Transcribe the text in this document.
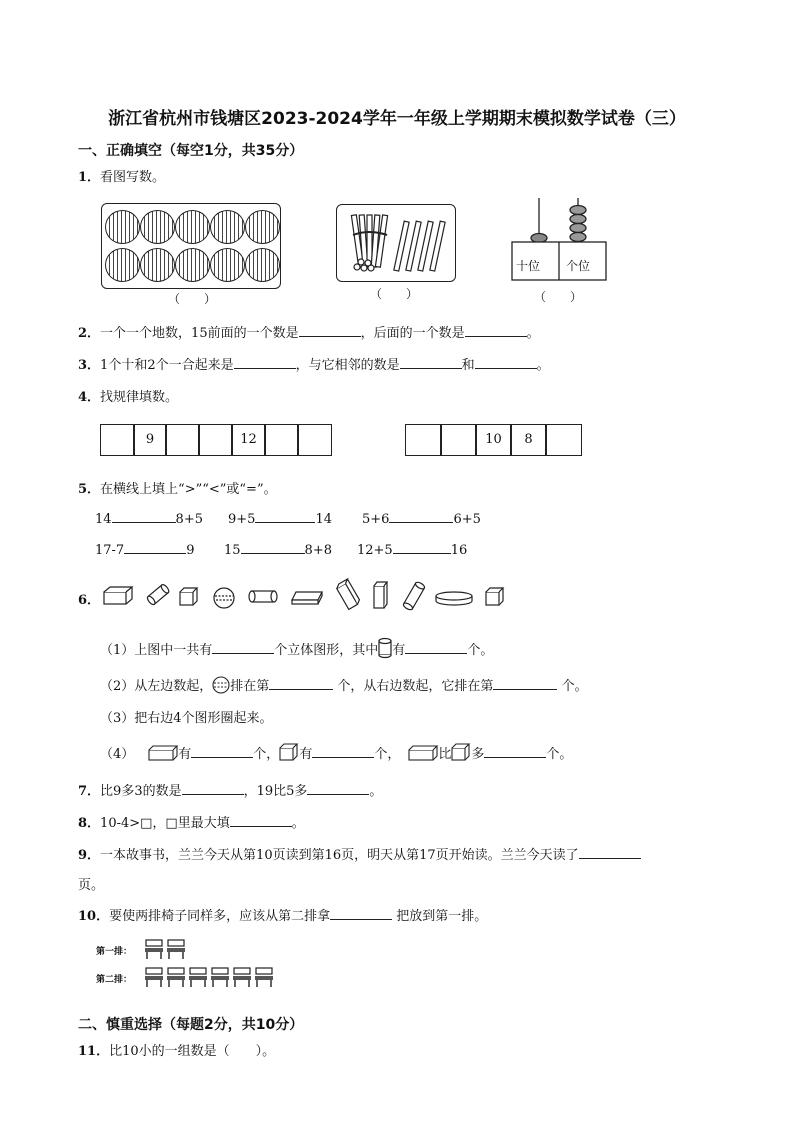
浙江省杭州市钱塘区2023-2024学年一年级上学期期末模拟数学试卷（三）
一、正确填空（每空1分，共35分）
1．看图写数。
（　　）	（　　）
十位 个位
（　　）
2．一个一个地数，15前面的一个数是	，后面的一个数是	。
3．1个十和2个一合起来是	，与它相邻的数是	和	。
4．找规律填数。
9	12	10	8
5．在横线上填上“>”“<”或“=”。
14	8+5 9+5	14 5+6	6+5
17-7	9 15	8+8 12+5	16
6．
（1）上图中一共有	个立体图形，其中 有	个。
（2）从左边数起， 排在第	个，从右边数起，它排在第	个。
（3）把右边4个图形圈起来。
（4）	有	个， 有	个，	比 多	个。
7．比9多3的数是	，19比5多	。
8．10-4>□，□里最大填	。
9．一本故事书，兰兰今天从第10页读到第16页，明天从第17页开始读。兰兰今天读了
页。
10．要使两排椅子同样多，应该从第二排拿	把放到第一排。
第一排：
第二排：
二、慎重选择（每题2分，共10分）
11．比10小的一组数是（　　）。
